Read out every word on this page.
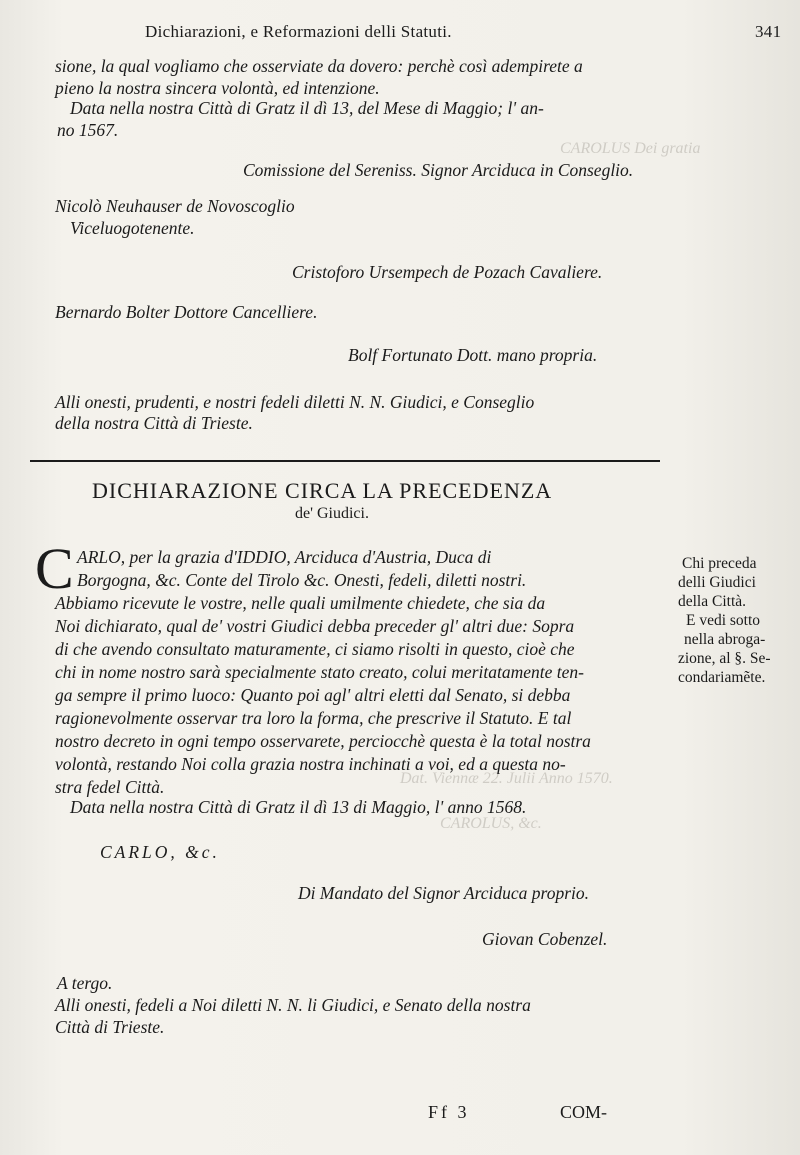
CAROLUS Dei gratia
Dat. Viennæ 22. Julii Anno 1570.
CAROLUS, &c.
Dichiarazioni, e Reformazioni delli Statuti.	341
sione, la qual vogliamo che osserviate da dovero: perchè così adempirete a
pieno la nostra sincera volontà, ed intenzione.
Data nella nostra Città di Gratz il dì 13, del Mese di Maggio; l' an-
no 1567.
Comissione del Sereniss. Signor Arciduca in Conseglio.
Nicolò Neuhauser de Novoscoglio
Viceluogotenente.
Cristoforo Ursempech de Pozach Cavaliere.
Bernardo Bolter Dottore Cancelliere.
Bolf Fortunato Dott. mano propria.
Alli onesti, prudenti, e nostri fedeli diletti N. N. Giudici, e Conseglio
della nostra Città di Trieste.
DICHIARAZIONE CIRCA LA PRECEDENZA
de' Giudici.
C ARLO, per la grazia d'IDDIO, Arciduca d'Austria, Duca di
Borgogna, &c. Conte del Tirolo &c. Onesti, fedeli, diletti nostri.
Abbiamo ricevute le vostre, nelle quali umilmente chiedete, che sia da
Noi dichiarato, qual de' vostri Giudici debba preceder gl' altri due: Sopra
di che avendo consultato maturamente, ci siamo risolti in questo, cioè che
chi in nome nostro sarà specialmente stato creato, colui meritatamente ten-
ga sempre il primo luoco: Quanto poi agl' altri eletti dal Senato, si debba
ragionevolmente osservar tra loro la forma, che prescrive il Statuto. E tal
nostro decreto in ogni tempo osservarete, perciocchè questa è la total nostra
volontà, restando Noi colla grazia nostra inchinati a voi, ed a questa no-
stra fedel Città.
Data nella nostra Città di Gratz il dì 13 di Maggio, l' anno 1568.
CARLO, &c.
Di Mandato del Signor Arciduca proprio.
Giovan Cobenzel.
A tergo.
Alli onesti, fedeli a Noi diletti N. N. li Giudici, e Senato della nostra
Città di Trieste.
Chi preceda
delli Giudici
della Città.
E vedi sotto
nella abroga-
zione, al §. Se-
condariamẽte.
Ff 3	COM-
